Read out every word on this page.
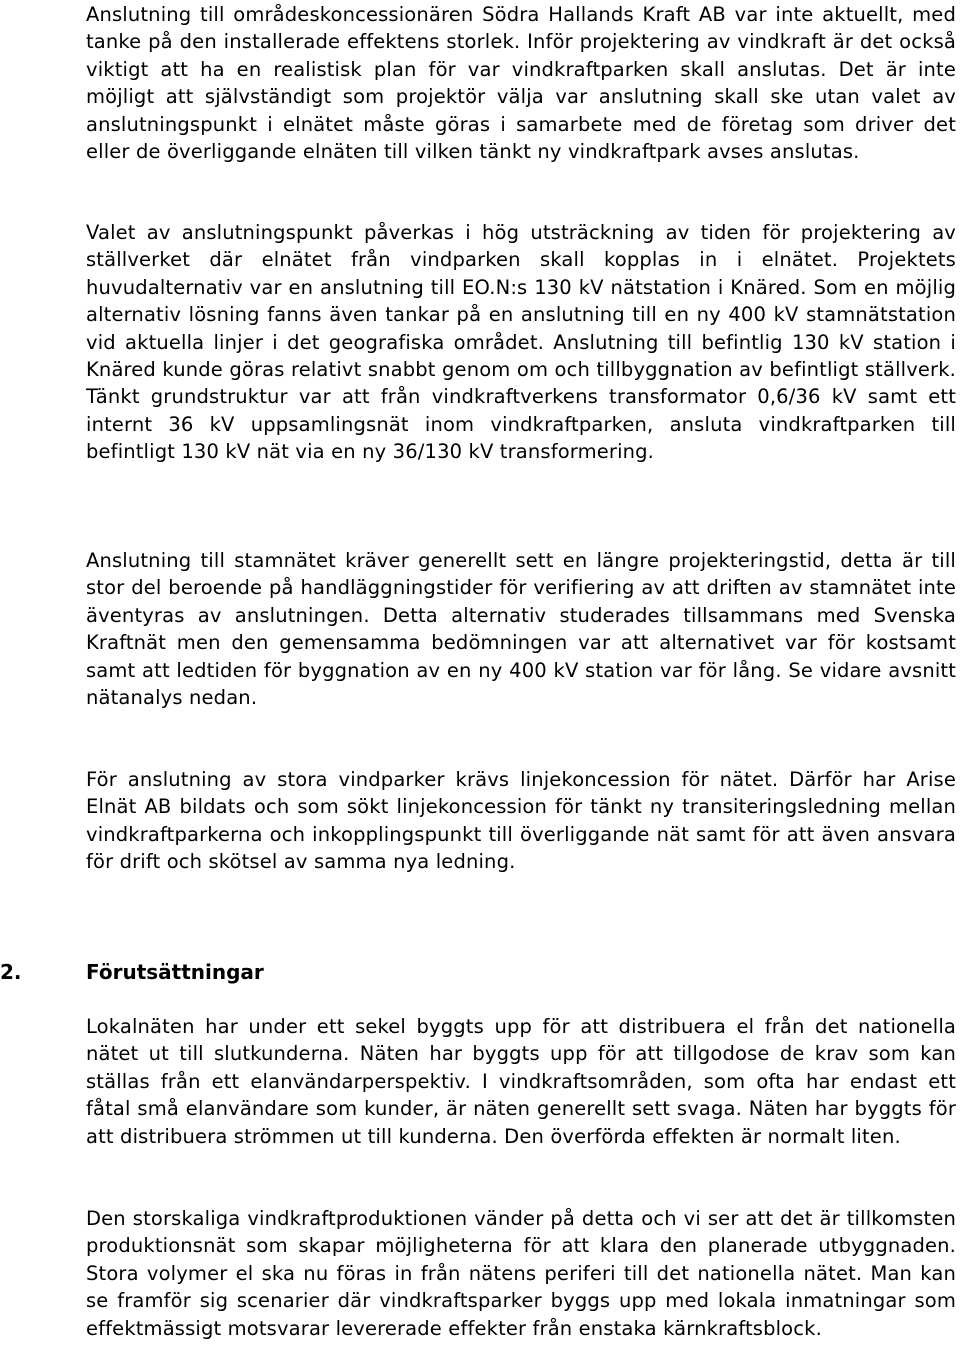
Anslutning till områdeskoncessionären Södra Hallands Kraft AB var inte aktuellt, med tanke på den installerade effektens storlek. Inför projektering av vindkraft är det också viktigt att ha en realistisk plan för var vindkraftparken skall anslutas. Det är inte möjligt att självständigt som projektör välja var anslutning skall ske utan valet av anslutningspunkt i elnätet måste göras i samarbete med de företag som driver det eller de överliggande elnäten till vilken tänkt ny vindkraftpark avses anslutas.

Valet av anslutningspunkt påverkas i hög utsträckning av tiden för projektering av ställverket där elnätet från vindparken skall kopplas in i elnätet. Projektets huvudalternativ var en anslutning till EO.N:s 130 kV nätstation i Knäred. Som en möjlig alternativ lösning fanns även tankar på en anslutning till en ny 400 kV stamnätstation vid aktuella linjer i det geografiska området. Anslutning till befintlig 130 kV station i Knäred kunde göras relativt snabbt genom om och tillbyggnation av befintligt ställverk. Tänkt grundstruktur var att från vindkraftverkens transformator 0,6/36 kV samt ett internt 36 kV uppsamlingsnät inom vindkraftparken, ansluta vindkraftparken till befintligt 130 kV nät via en ny 36/130 kV transformering.

Anslutning till stamnätet kräver generellt sett en längre projekteringstid, detta är till stor del beroende på handläggningstider för verifiering av att driften av stamnätet inte äventyras av anslutningen. Detta alternativ studerades tillsammans med Svenska Kraftnät men den gemensamma bedömningen var att alternativet var för kostsamt samt att ledtiden för byggnation av en ny 400 kV station var för lång. Se vidare avsnitt nätanalys nedan.

För anslutning av stora vindparker krävs linjekoncession för nätet. Därför har Arise Elnät AB bildats och som sökt linjekoncession för tänkt ny transiteringsledning mellan vindkraftparkerna och inkopplingspunkt till överliggande nät samt för att även ansvara för drift och skötsel av samma nya ledning.

2.	Förutsättningar

Lokalnäten har under ett sekel byggts upp för att distribuera el från det nationella nätet ut till slutkunderna. Näten har byggts upp för att tillgodose de krav som kan ställas från ett elanvändarperspektiv. I vindkraftsområden, som ofta har endast ett fåtal små elanvändare som kunder, är näten generellt sett svaga. Näten har byggts för att distribuera strömmen ut till kunderna. Den överförda effekten är normalt liten.

Den storskaliga vindkraftproduktionen vänder på detta och vi ser att det är tillkomsten produktionsnät som skapar möjligheterna för att klara den planerade utbyggnaden. Stora volymer el ska nu föras in från nätens periferi till det nationella nätet. Man kan se framför sig scenarier där vindkraftsparker byggs upp med lokala inmatningar som effektmässigt motsvarar levererade effekter från enstaka kärnkraftsblock.
